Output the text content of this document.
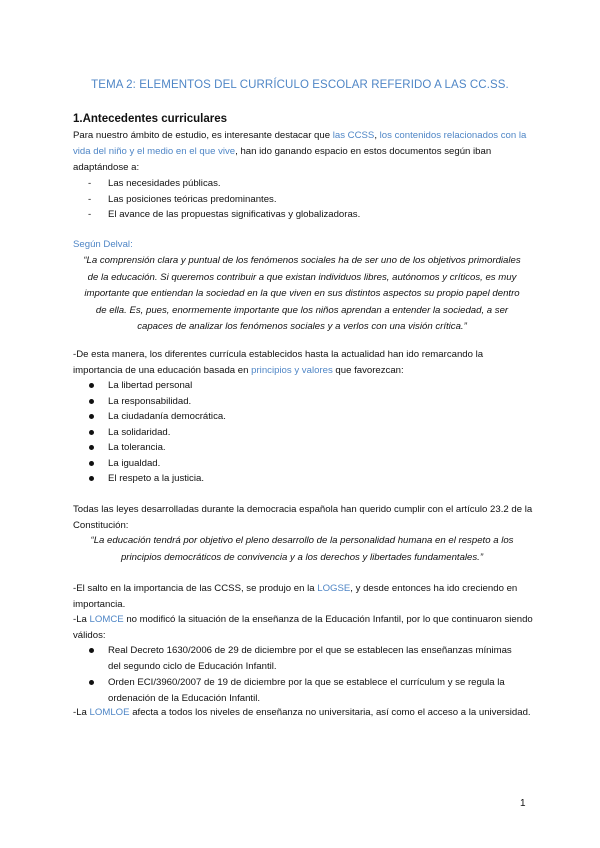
TEMA 2: ELEMENTOS DEL CURRÍCULO ESCOLAR REFERIDO A LAS CC.SS.
1.Antecedentes curriculares
Para nuestro ámbito de estudio, es interesante destacar que las CCSS, los contenidos relacionados con la vida del niño y el medio en el que vive, han ido ganando espacio en estos documentos según iban adaptándose a:
- Las necesidades públicas.
- Las posiciones teóricas predominantes.
- El avance de las propuestas significativas y globalizadoras.
Según Delval:
“La comprensión clara y puntual de los fenómenos sociales ha de ser uno de los objetivos primordiales de la educación. Si queremos contribuir a que existan individuos libres, autónomos y críticos, es muy importante que entiendan la sociedad en la que viven en sus distintos aspectos su propio papel dentro de ella. Es, pues, enormemente importante que los niños aprendan a entender la sociedad, a ser capaces de analizar los fenómenos sociales y a verlos con una visión crítica.”
-De esta manera, los diferentes currícula establecidos hasta la actualidad han ido remarcando la importancia de una educación basada en principios y valores que favorezcan:
La libertad personal
La responsabilidad.
La ciudadanía democrática.
La solidaridad.
La tolerancia.
La igualdad.
El respeto a la justicia.
Todas las leyes desarrolladas durante la democracia española han querido cumplir con el artículo 23.2 de la Constitución:
“La educación tendrá por objetivo el pleno desarrollo de la personalidad humana en el respeto a los principios democráticos de convivencia y a los derechos y libertades fundamentales.”
-El salto en la importancia de las CCSS, se produjo en la LOGSE, y desde entonces ha ido creciendo en importancia.
-La LOMCE no modificó la situación de la enseñanza de la Educación Infantil, por lo que continuaron siendo válidos:
Real Decreto 1630/2006 de 29 de diciembre por el que se establecen las enseñanzas mínimas del segundo ciclo de Educación Infantil.
Orden ECI/3960/2007 de 19 de diciembre por la que se establece el currículum y se regula la ordenación de la Educación Infantil.
-La LOMLOE afecta a todos los niveles de enseñanza no universitaria, así como el acceso a la universidad.
1
